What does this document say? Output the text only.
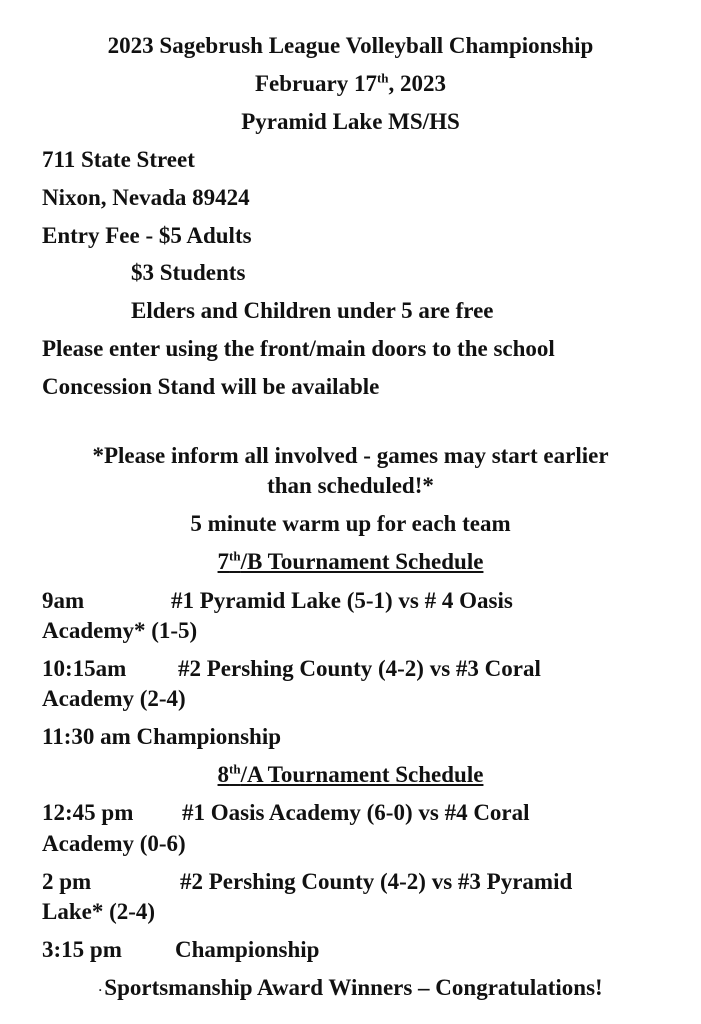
2023 Sagebrush League Volleyball Championship
February 17th, 2023
Pyramid Lake MS/HS
711 State Street
Nixon, Nevada 89424
Entry Fee - $5 Adults
$3 Students
Elders and Children under 5 are free
Please enter using the front/main doors to the school
Concession Stand will be available
*Please inform all involved - games may start earlier
than scheduled!*
5 minute warm up for each team
7th/B Tournament Schedule
9am	#1 Pyramid Lake (5-1) vs # 4 Oasis
Academy* (1-5)
10:15am #2 Pershing County (4-2) vs #3 Coral
Academy (2-4)
11:30 am Championship
8th/A Tournament Schedule
12:45 pm #1 Oasis Academy (6-0) vs #4 Coral
Academy (0-6)
2 pm	#2 Pershing County (4-2) vs #3 Pyramid
Lake* (2-4)
3:15 pm Championship
·Sportsmanship Award Winners – Congratulations!
